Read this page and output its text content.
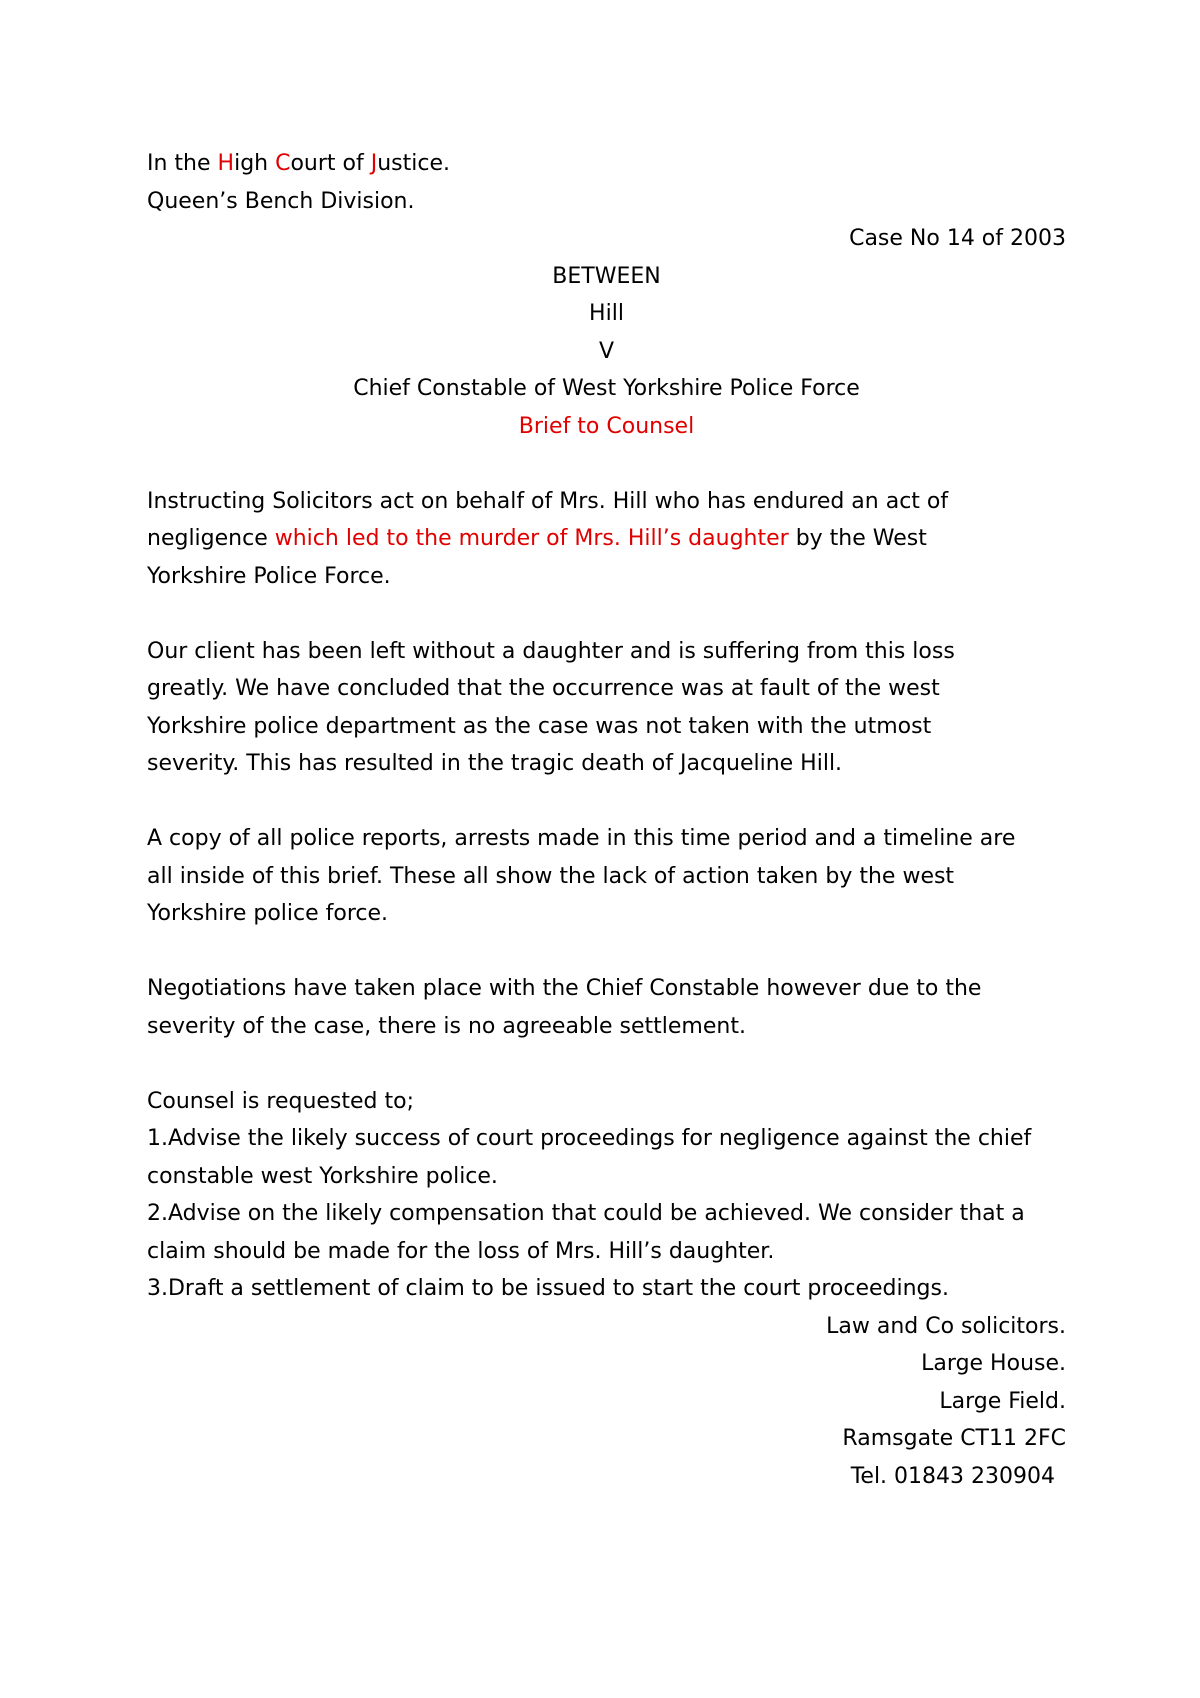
In the High Court of Justice.
Queen’s Bench Division.
Case No 14 of 2003
BETWEEN
Hill
V
Chief Constable of West Yorkshire Police Force
Brief to Counsel
Instructing Solicitors act on behalf of Mrs. Hill who has endured an act of
negligence which led to the murder of Mrs. Hill’s daughter by the West
Yorkshire Police Force.
Our client has been left without a daughter and is suffering from this loss
greatly. We have concluded that the occurrence was at fault of the west
Yorkshire police department as the case was not taken with the utmost
severity. This has resulted in the tragic death of Jacqueline Hill.
A copy of all police reports, arrests made in this time period and a timeline are
all inside of this brief. These all show the lack of action taken by the west
Yorkshire police force.
Negotiations have taken place with the Chief Constable however due to the
severity of the case, there is no agreeable settlement.
Counsel is requested to;
1.Advise the likely success of court proceedings for negligence against the chief
constable west Yorkshire police.
2.Advise on the likely compensation that could be achieved. We consider that a
claim should be made for the loss of Mrs. Hill’s daughter.
3.Draft a settlement of claim to be issued to start the court proceedings.
Law and Co solicitors.
Large House.
Large Field.
Ramsgate CT11 2FC
Tel. 01843 230904
